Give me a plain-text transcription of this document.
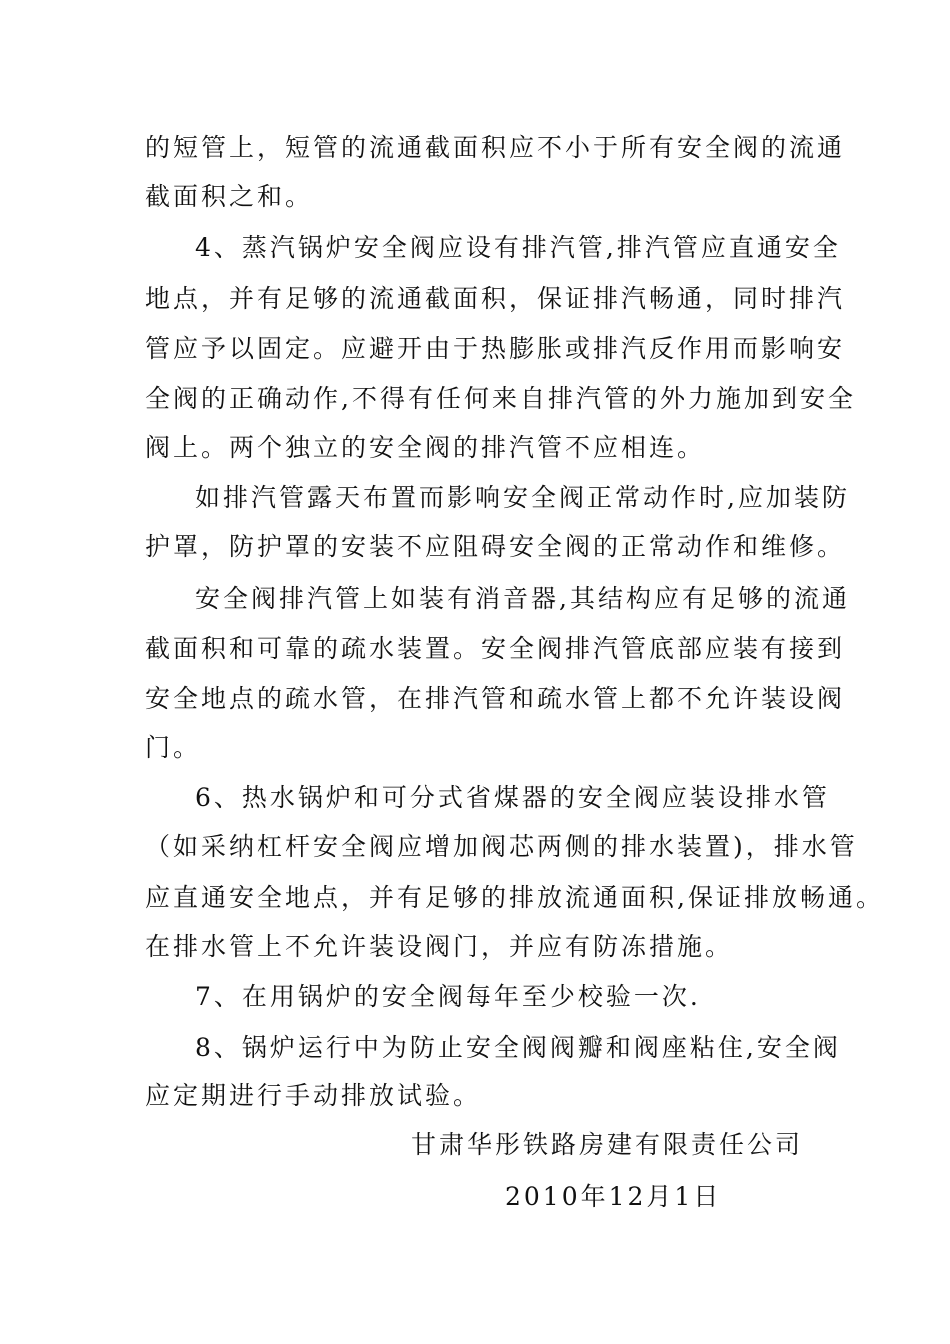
的短管上，短管的流通截面积应不小于所有安全阀的流通
截面积之和。
4、蒸汽锅炉安全阀应设有排汽管,排汽管应直通安全
地点，并有足够的流通截面积，保证排汽畅通，同时排汽
管应予以固定。应避开由于热膨胀或排汽反作用而影响安
全阀的正确动作,不得有任何来自排汽管的外力施加到安全
阀上。两个独立的安全阀的排汽管不应相连。
如排汽管露天布置而影响安全阀正常动作时,应加装防
护罩，防护罩的安装不应阻碍安全阀的正常动作和维修。
安全阀排汽管上如装有消音器,其结构应有足够的流通
截面积和可靠的疏水装置。安全阀排汽管底部应装有接到
安全地点的疏水管，在排汽管和疏水管上都不允许装设阀
门。
6、热水锅炉和可分式省煤器的安全阀应装设排水管
（如采纳杠杆安全阀应增加阀芯两侧的排水装置)，排水管
应直通安全地点，并有足够的排放流通面积,保证排放畅通。
在排水管上不允许装设阀门，并应有防冻措施。
7、在用锅炉的安全阀每年至少校验一次.
8、锅炉运行中为防止安全阀阀瓣和阀座粘住,安全阀
应定期进行手动排放试验。
甘肃华彤铁路房建有限责任公司
2010年12月1日
